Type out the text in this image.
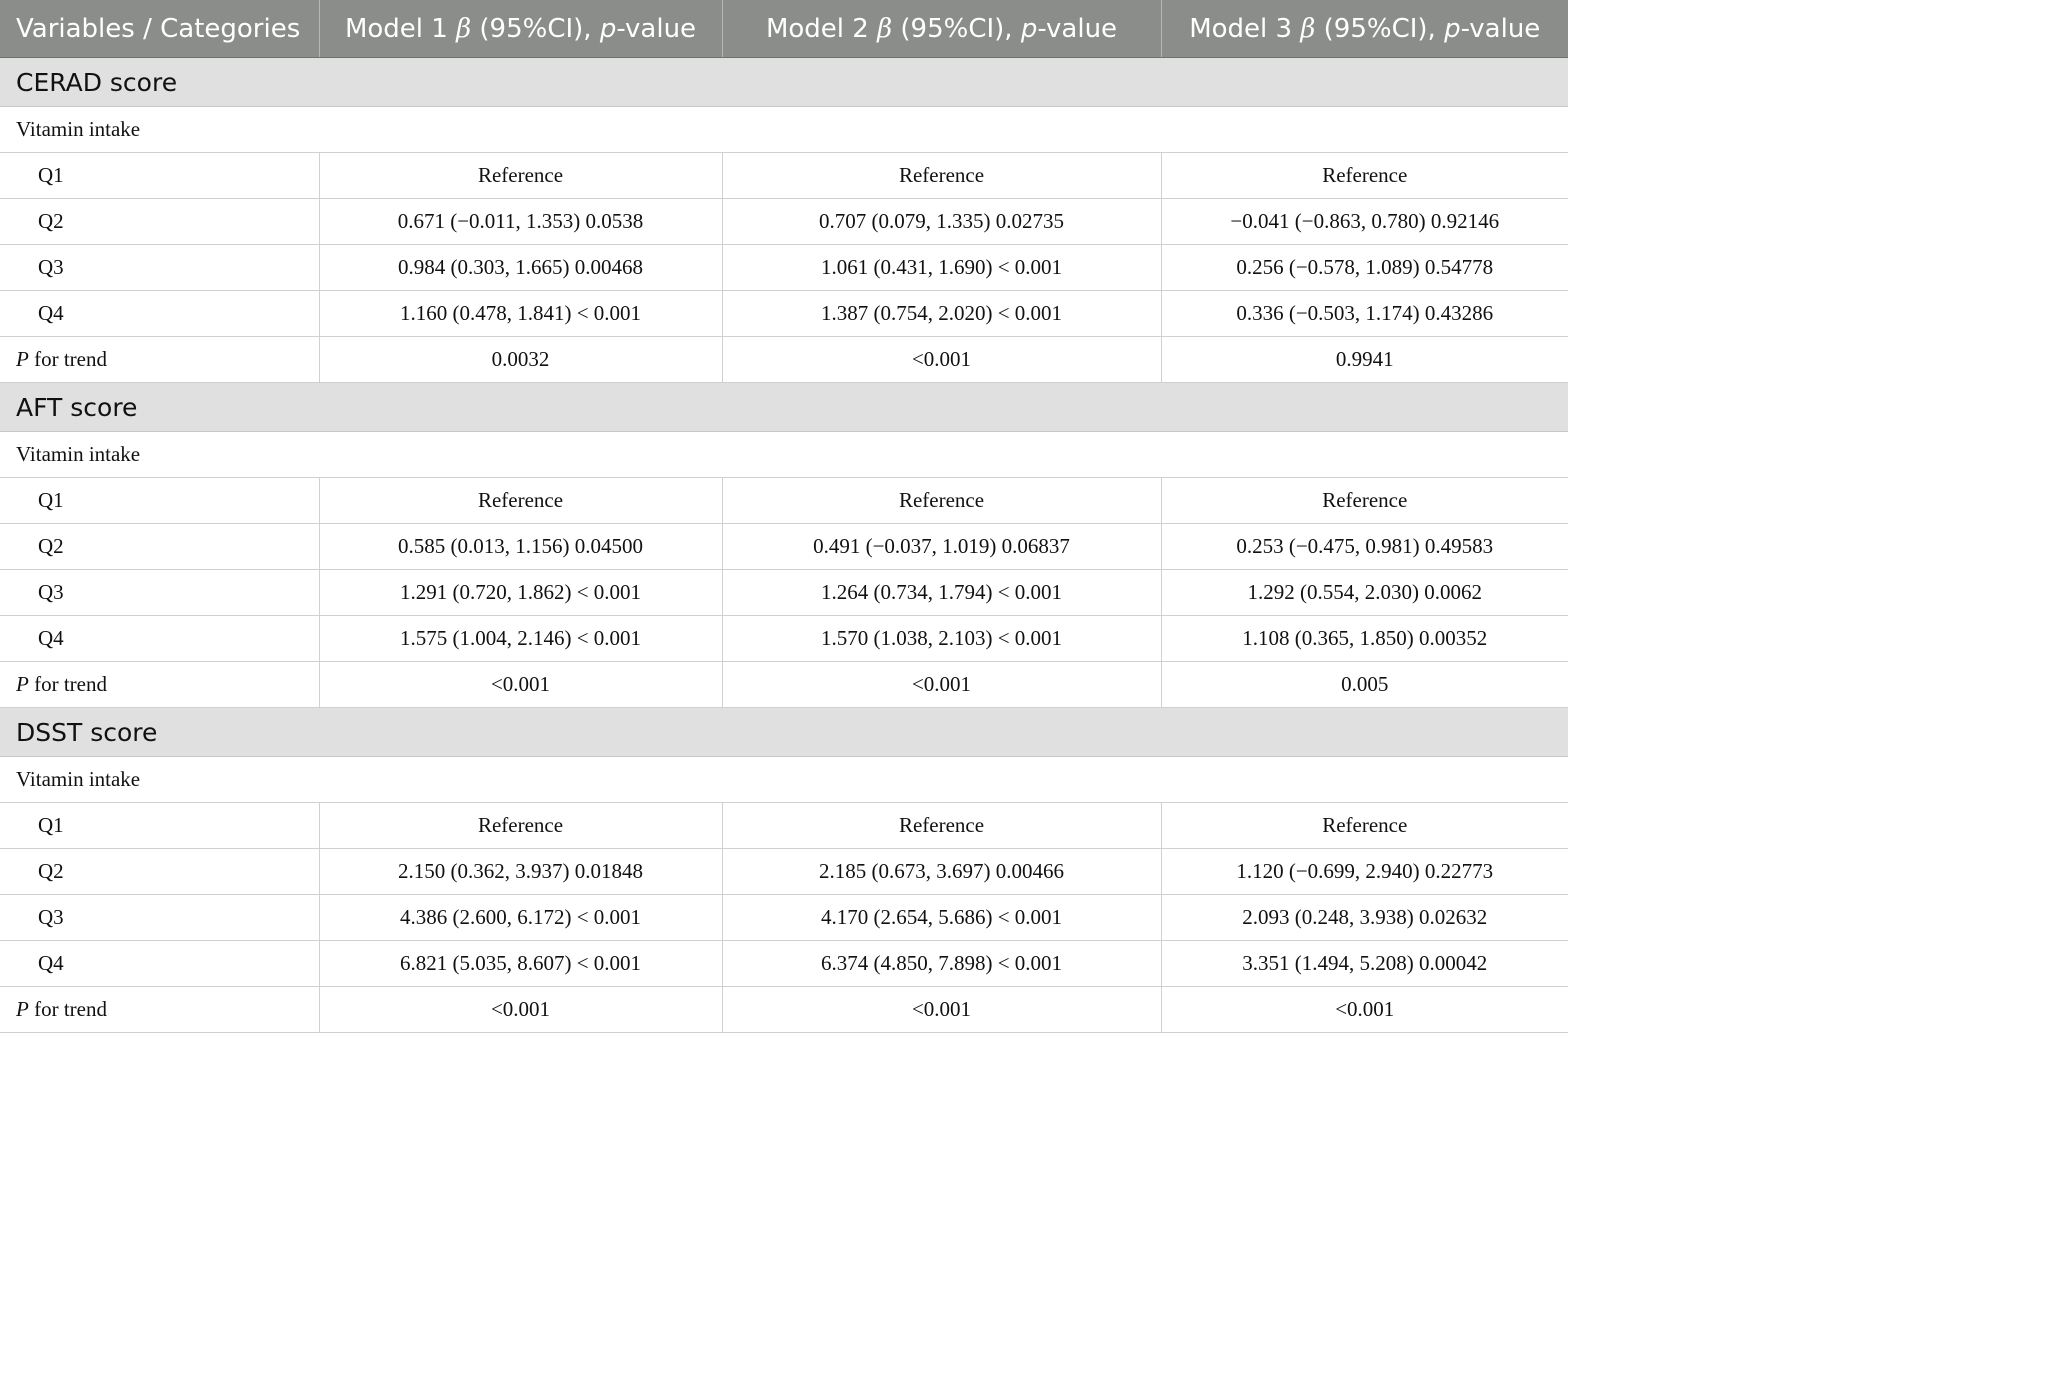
Variables / Categories	Model 1 β (95%CI), p-value	Model 2 β (95%CI), p-value	Model 3 β (95%CI), p-value
CERAD score			
Vitamin intake			
Q1	Reference	Reference	Reference
Q2	0.671 (−0.011, 1.353) 0.0538	0.707 (0.079, 1.335) 0.02735	−0.041 (−0.863, 0.780) 0.92146
Q3	0.984 (0.303, 1.665) 0.00468	1.061 (0.431, 1.690) < 0.001	0.256 (−0.578, 1.089) 0.54778
Q4	1.160 (0.478, 1.841) < 0.001	1.387 (0.754, 2.020) < 0.001	0.336 (−0.503, 1.174) 0.43286
P for trend	0.0032	<0.001	0.9941
AFT score			
Vitamin intake			
Q1	Reference	Reference	Reference
Q2	0.585 (0.013, 1.156) 0.04500	0.491 (−0.037, 1.019) 0.06837	0.253 (−0.475, 0.981) 0.49583
Q3	1.291 (0.720, 1.862) < 0.001	1.264 (0.734, 1.794) < 0.001	1.292 (0.554, 2.030) 0.0062
Q4	1.575 (1.004, 2.146) < 0.001	1.570 (1.038, 2.103) < 0.001	1.108 (0.365, 1.850) 0.00352
P for trend	<0.001	<0.001	0.005
DSST score			
Vitamin intake			
Q1	Reference	Reference	Reference
Q2	2.150 (0.362, 3.937) 0.01848	2.185 (0.673, 3.697) 0.00466	1.120 (−0.699, 2.940) 0.22773
Q3	4.386 (2.600, 6.172) < 0.001	4.170 (2.654, 5.686) < 0.001	2.093 (0.248, 3.938) 0.02632
Q4	6.821 (5.035, 8.607) < 0.001	6.374 (4.850, 7.898) < 0.001	3.351 (1.494, 5.208) 0.00042
P for trend	<0.001	<0.001	<0.001
